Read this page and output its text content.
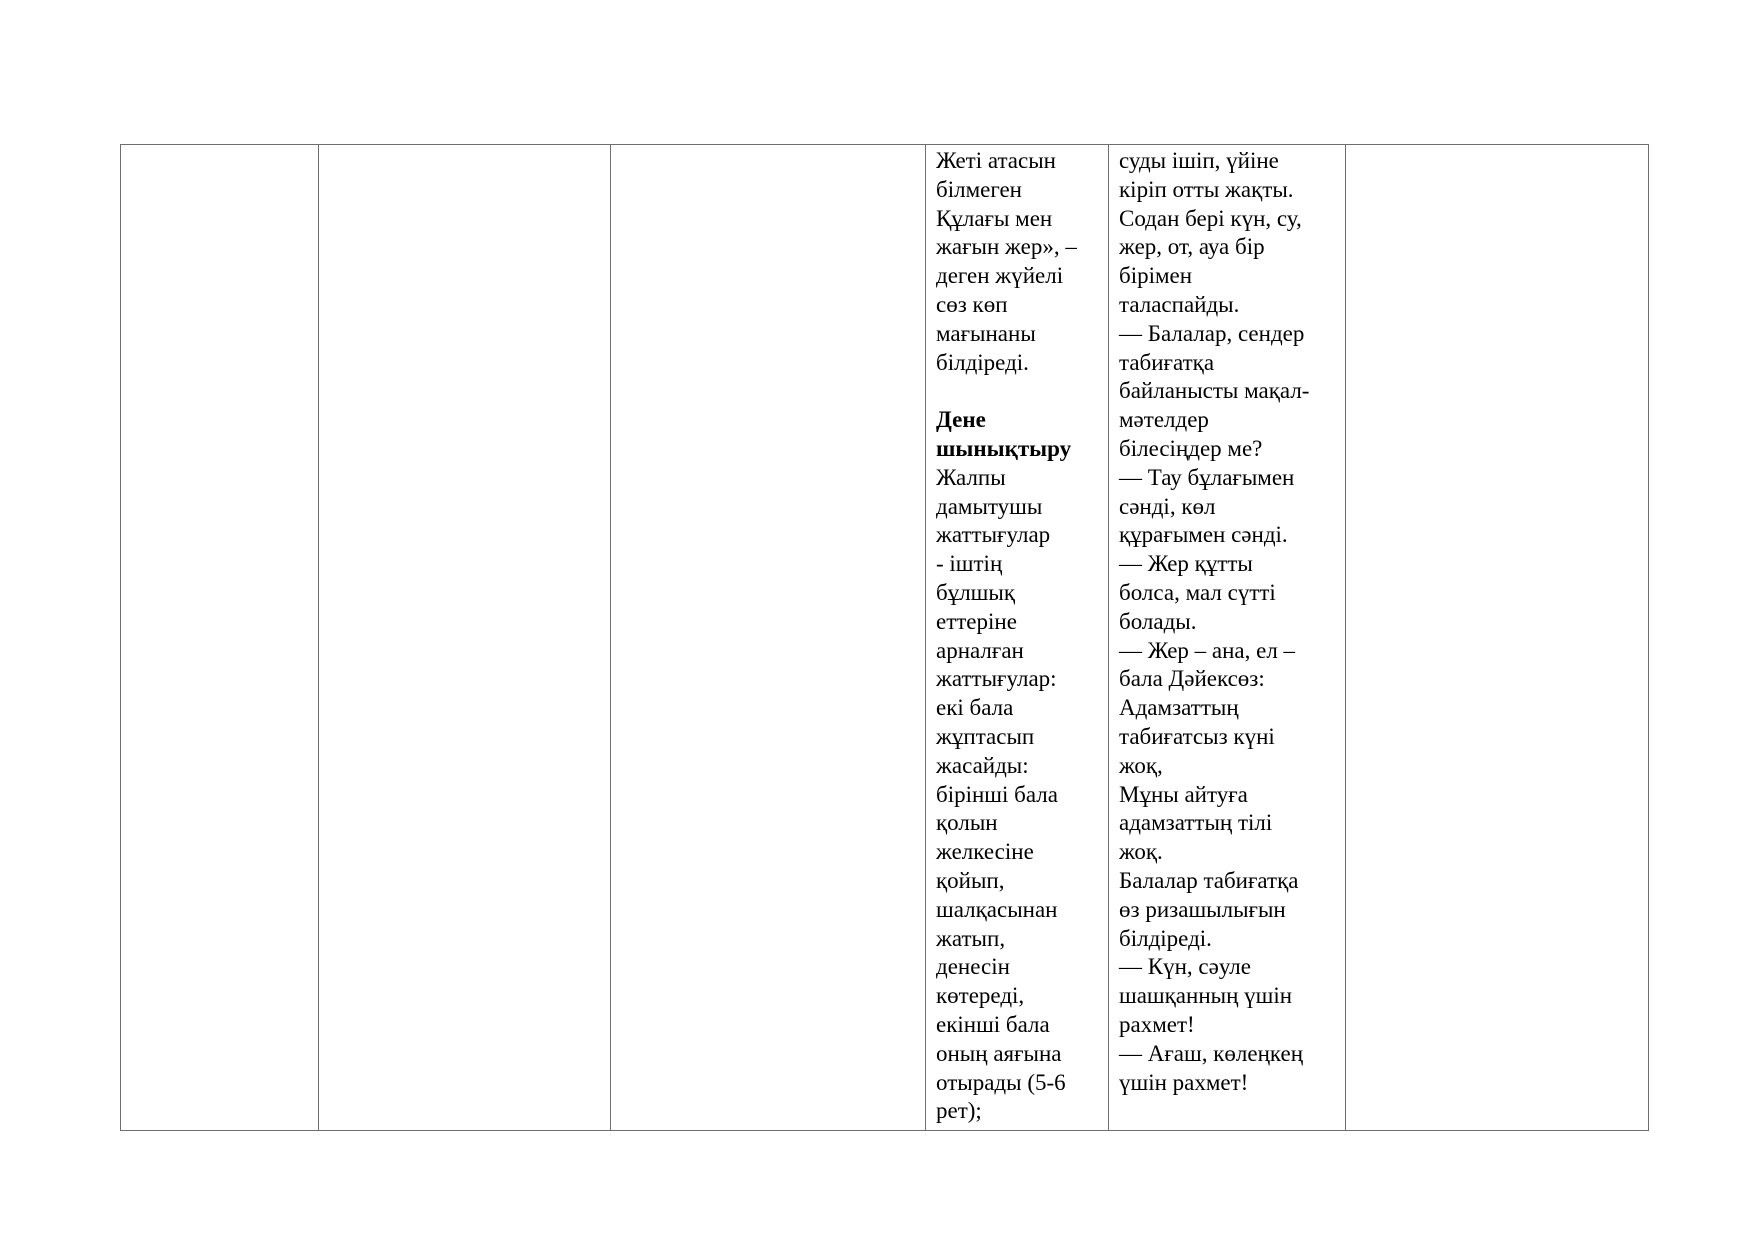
Жеті атасын
білмеген
Құлағы мен
жағын жер», –
деген жүйелі
сөз көп
мағынаны
білдіреді.
Дене
шынықтыру
Жалпы
дамытушы
жаттығулар
- іштің
бұлшық
еттеріне
арналған
жаттығулар:
екі бала
жұптасып
жасайды:
бірінші бала
қолын
желкесіне
қойып,
шалқасынан
жатып,
денесін
көтереді,
екінші бала
оның аяғына
отырады (5-6
рет);

суды ішіп, үйіне
кіріп отты жақты.
Содан бері күн, су,
жер, от, ауа бір
бірімен
таласпайды.
— Балалар, сендер
табиғатқа
байланысты мақал-
мәтелдер
білесіңдер ме?
— Тау бұлағымен
сәнді, көл
құрағымен сәнді.
— Жер құтты
болса, мал сүтті
болады.
— Жер – ана, ел –
бала Дәйексөз:
Адамзаттың
табиғатсыз күні
жоқ,
Мұны айтуға
адамзаттың тілі
жоқ.
Балалар табиғатқа
өз ризашылығын
білдіреді.
— Күн, сәуле
шашқанның үшін
рахмет!
— Ағаш, көлеңкең
үшін рахмет!
